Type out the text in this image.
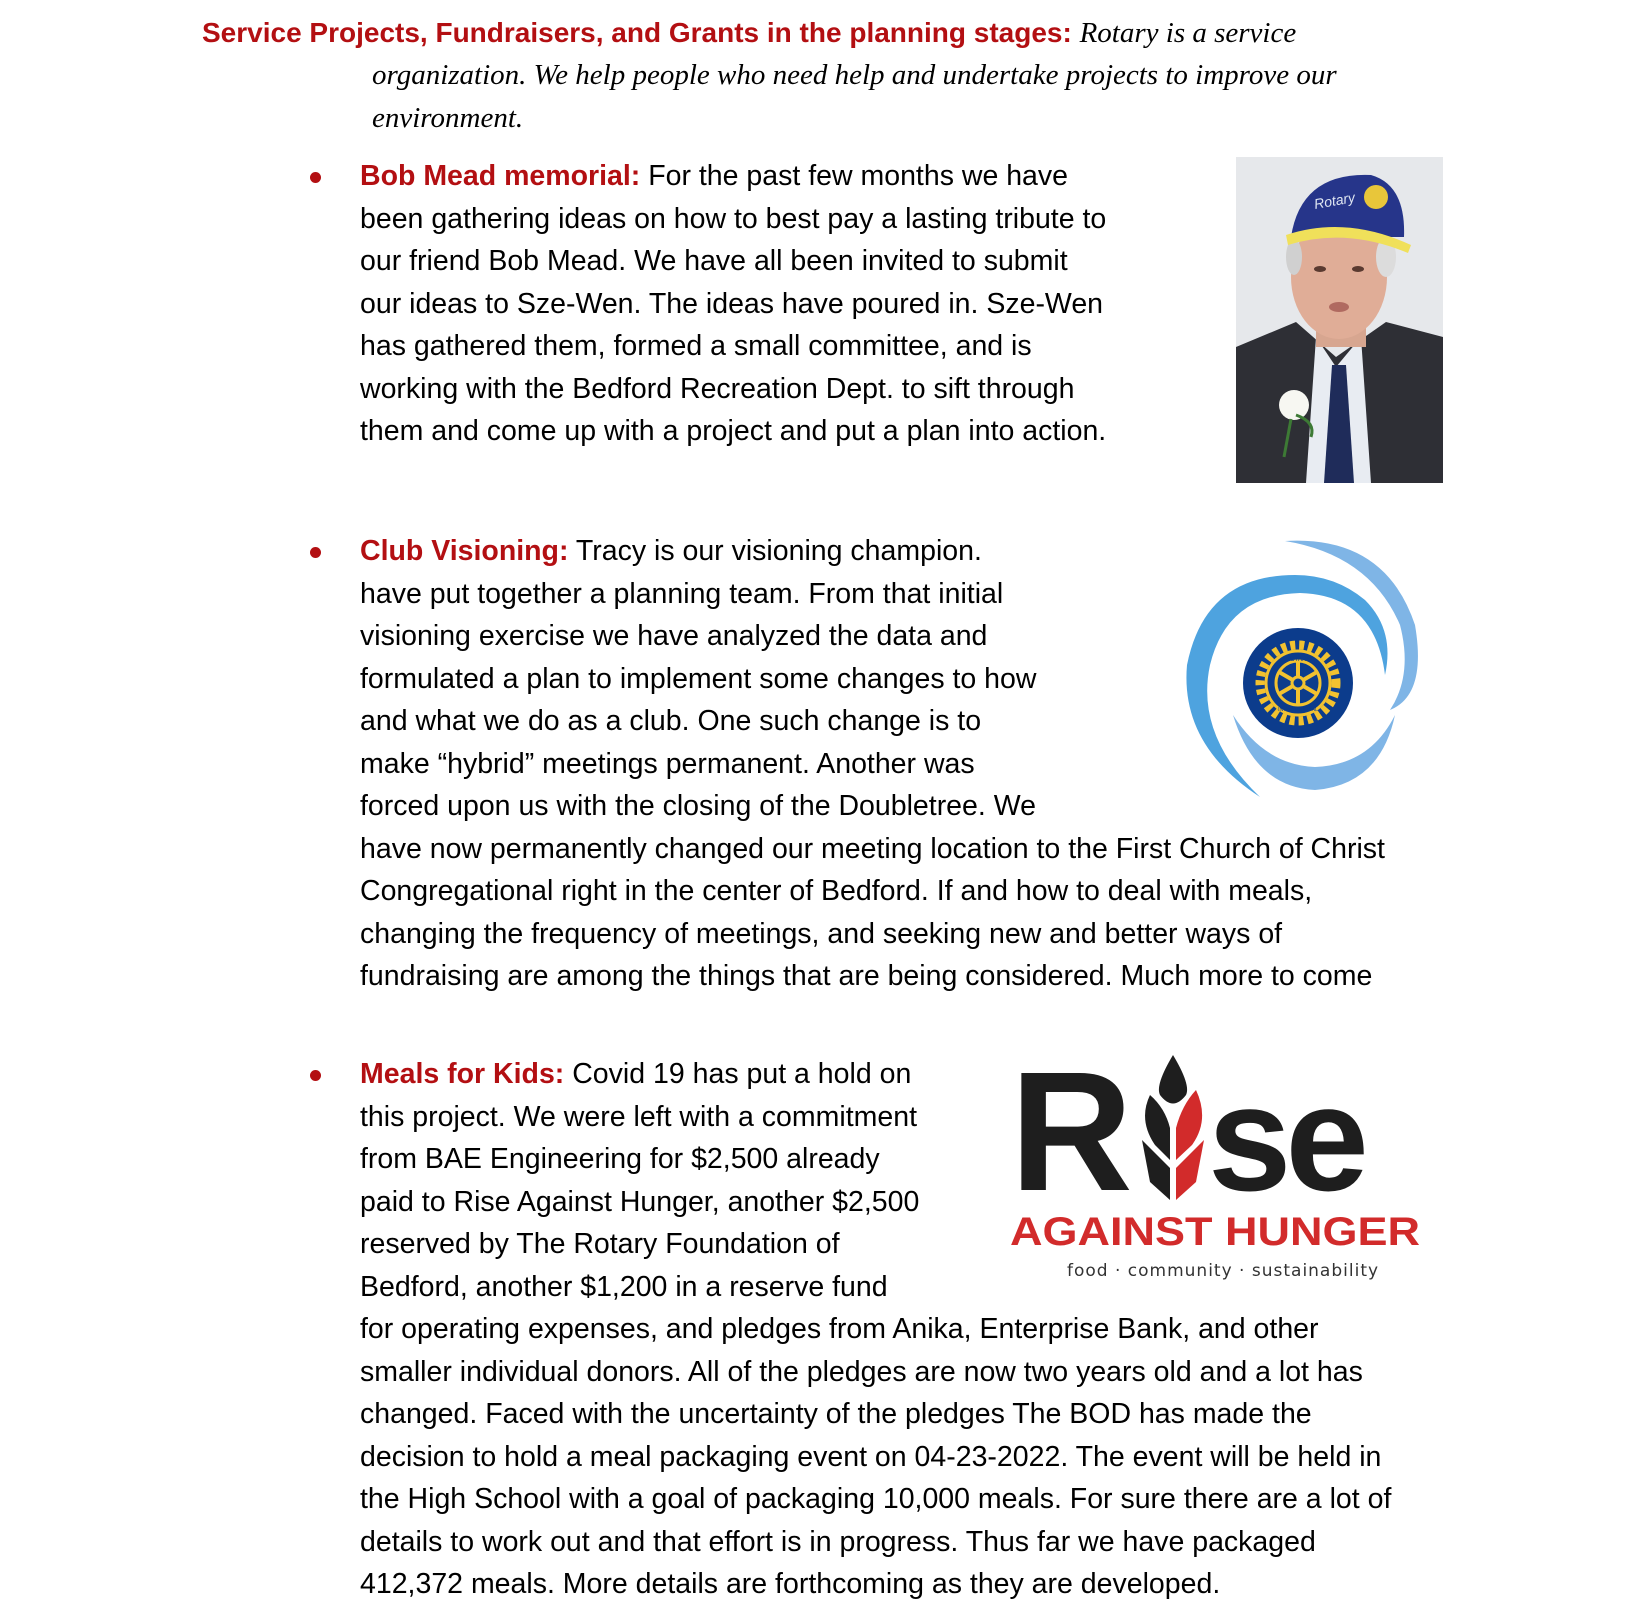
Service Projects, Fundraisers, and Grants in the planning stages: Rotary is a service
organization. We help people who need help and undertake projects to improve our
environment.
Bob Mead memorial: For the past few months we have
been gathering ideas on how to best pay a lasting tribute to
our friend Bob Mead. We have all been invited to submit
our ideas to Sze-Wen. The ideas have poured in. Sze-Wen
has gathered them, formed a small committee, and is
working with the Bedford Recreation Dept. to sift through
them and come up with a project and put a plan into action.
Rotary
Club Visioning: Tracy is our visioning champion.
have put together a planning team. From that initial
visioning exercise we have analyzed the data and
formulated a plan to implement some changes to how
and what we do as a club. One such change is to
make “hybrid” meetings permanent. Another was
forced upon us with the closing of the Doubletree. We
have now permanently changed our meeting location to the First Church of Christ
Congregational right in the center of Bedford. If and how to deal with meals,
changing the frequency of meetings, and seeking new and better ways of
fundraising are among the things that are being considered. Much more to come
ROTARY
INTERNATIONAL
Meals for Kids: Covid 19 has put a hold on
this project. We were left with a commitment
from BAE Engineering for $2,500 already
paid to Rise Against Hunger, another $2,500
reserved by The Rotary Foundation of
Bedford, another $1,200 in a reserve fund
for operating expenses, and pledges from Anika, Enterprise Bank, and other
smaller individual donors. All of the pledges are now two years old and a lot has
changed. Faced with the uncertainty of the pledges The BOD has made the
decision to hold a meal packaging event on 04-23-2022. The event will be held in
the High School with a goal of packaging 10,000 meals. For sure there are a lot of
details to work out and that effort is in progress. Thus far we have packaged
412,372 meals. More details are forthcoming as they are developed.
R se
AGAINST HUNGER
food · community · sustainability
